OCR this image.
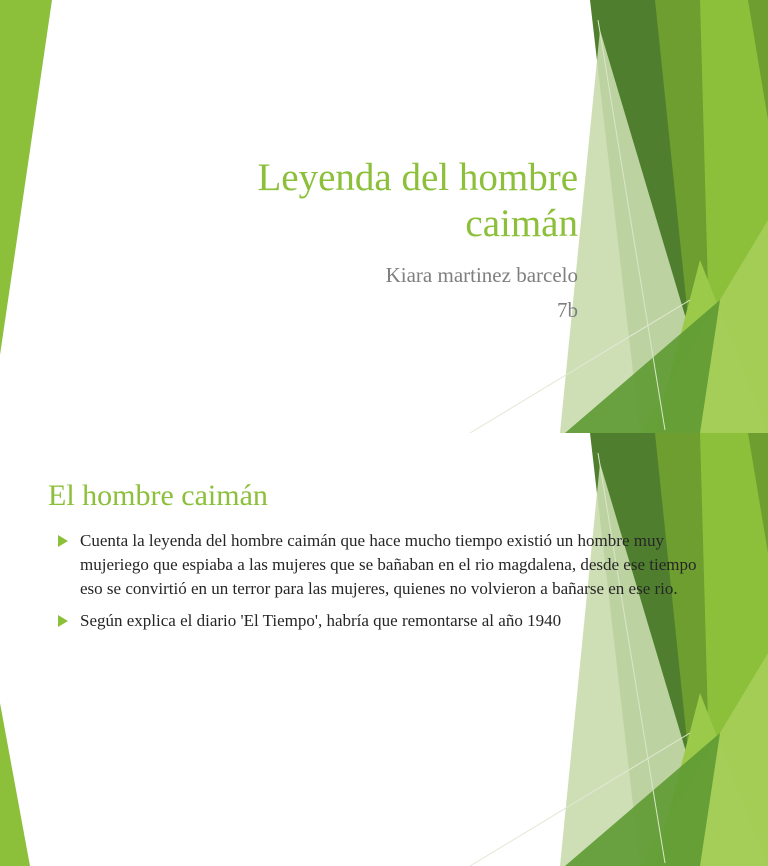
Leyenda del hombre
caimán
Kiara martinez barcelo
7b
El hombre caimán
Cuenta la leyenda del hombre caimán que hace mucho tiempo existió un hombre muy mujeriego que espiaba a las mujeres que se bañaban en el rio magdalena, desde ese tiempo eso se convirtió en un terror para las mujeres, quienes no volvieron a bañarse en ese rio.
Según explica el diario 'El Tiempo', habría que remontarse al año 1940
